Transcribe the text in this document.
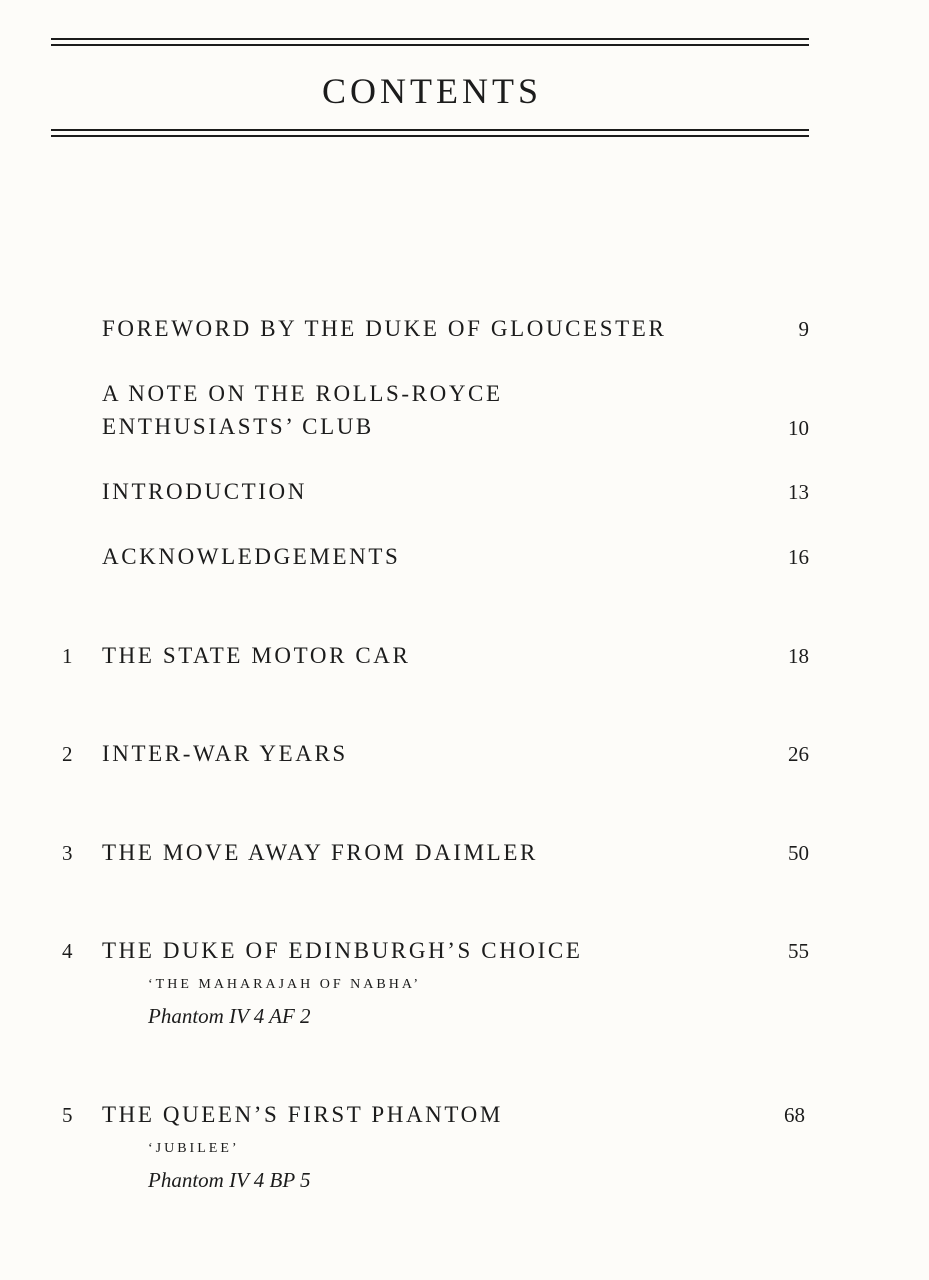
CONTENTS
FOREWORD BY THE DUKE OF GLOUCESTER	9
A NOTE ON THE ROLLS-ROYCE
ENTHUSIASTS’ CLUB	10
INTRODUCTION	13
ACKNOWLEDGEMENTS	16
1 THE STATE MOTOR CAR	18
2 INTER-WAR YEARS	26
3 THE MOVE AWAY FROM DAIMLER	50
4 THE DUKE OF EDINBURGH’S CHOICE	55
‘THE MAHARAJAH OF NABHA’
Phantom IV 4 AF 2
5 THE QUEEN’S FIRST PHANTOM	68
‘JUBILEE’
Phantom IV 4 BP 5
